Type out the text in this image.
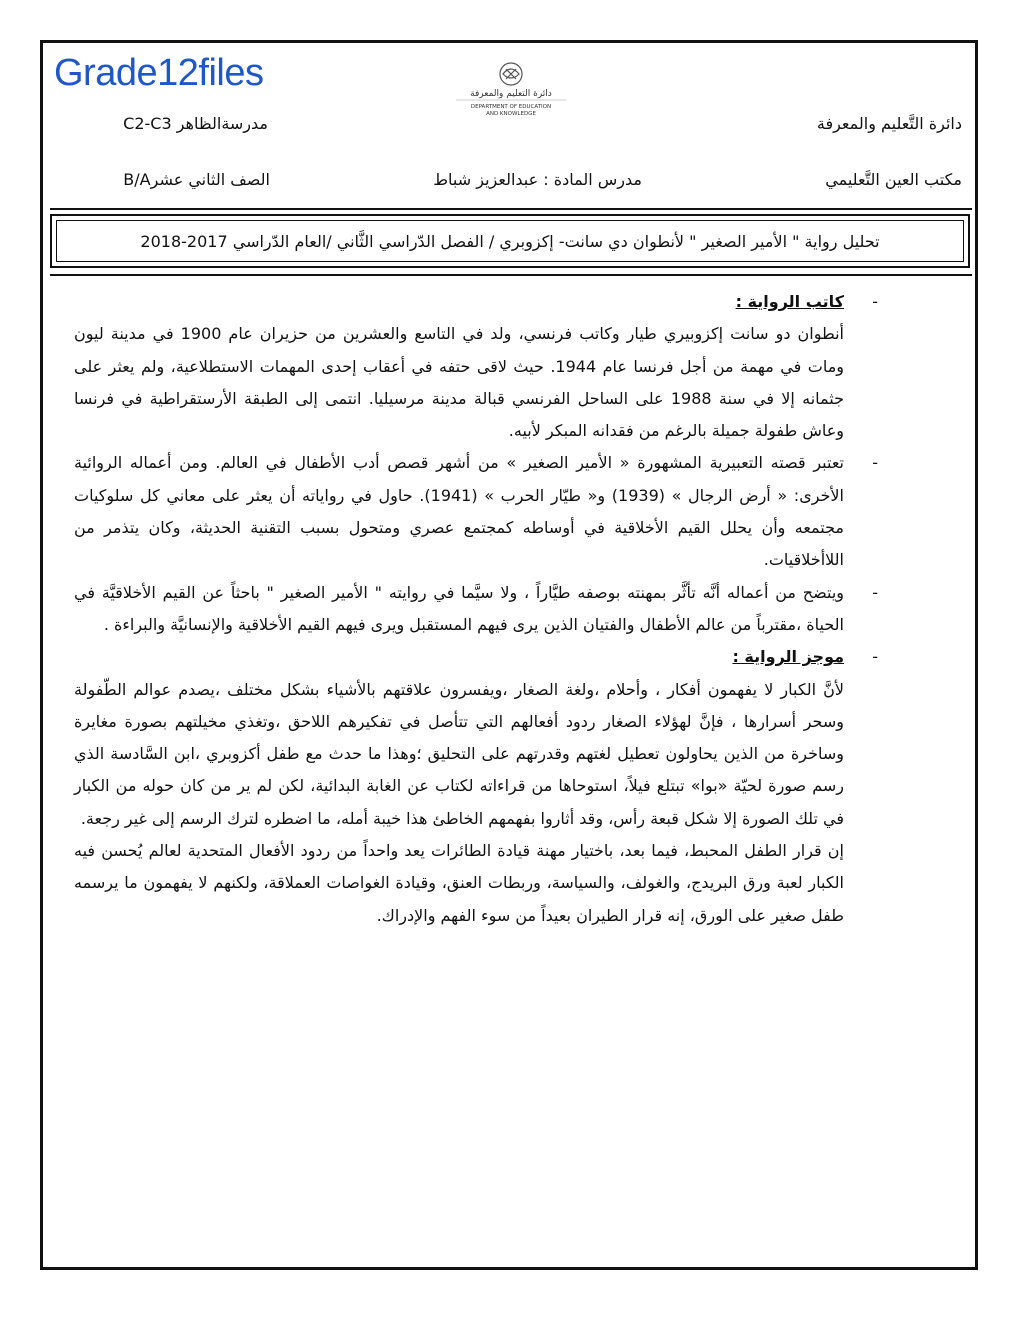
Grade12files	دائرة التعليم والمعرفة
DEPARTMENT OF EDUCATION
AND KNOWLEDGE	دائرة التَّعليم والمعرفة
مدرسةالظاهر C2-C3
مكتب العين التَّعليمي
مدرس المادة : عبدالعزيز شباط
الصف الثاني عشرB/A
تحليل رواية " الأمير الصغير " لأنطوان دي سانت- إكزوبري / الفصل الدّراسي الثَّاني /العام الدّراسي 2017-2018
-
كاتب الرواية :

أنطوان دو سانت إكزوبيري طيار وكاتب فرنسي، ولد في التاسع والعشرين من حزيران عام 1900 في مدينة ليون ومات في مهمة من أجل فرنسا عام 1944. حيث لاقى حتفه في أعقاب إحدى المهمات الاستطلاعية، ولم يعثر على جثمانه إلا في سنة 1988 على الساحل الفرنسي قبالة مدينة مرسيليا. انتمى إلى الطبقة الأرستقراطية في فرنسا وعاش طفولة جميلة بالرغم من فقدانه المبكر لأبيه.

-

تعتبر قصته التعبيرية المشهورة « الأمير الصغير » من أشهر قصص أدب الأطفال في العالم. ومن أعماله الروائية الأخرى: « أرض الرجال » (1939) و« طيّار الحرب » (1941). حاول في رواياته أن يعثر على معاني كل سلوكيات مجتمعه وأن يحلل القيم الأخلاقية في أوساطه كمجتمع عصري ومتحول بسبب التقنية الحديثة، وكان يتذمر من اللاأخلاقيات.

-

ويتضح من أعماله أنَّه تأثَّر بمهنته بوصفه طيَّاراً ، ولا سيَّما في روايته " الأمير الصغير " باحثاً عن القيم الأخلاقيَّة في الحياة ،مقترباً من عالم الأطفال والفتيان الذين يرى فيهم المستقبل ويرى فيهم القيم الأخلاقية والإنسانيَّة والبراءة .

-
موجز الرواية :

لأنَّ الكبار لا يفهمون أفكار ، وأحلام ،ولغة الصغار ،ويفسرون علاقتهم بالأشياء بشكل مختلف ،يصدم عوالم الطّفولة وسحر أسرارها ، فإنَّ لهؤلاء الصغار ردود أفعالهم التي تتأصل في تفكيرهم اللاحق ،وتغذي مخيلتهم بصورة مغايرة وساخرة من الذين يحاولون تعطيل لغتهم وقدرتهم على التحليق ؛وهذا ما حدث مع طفل أكزوبري ،ابن السَّادسة الذي رسم صورة لحيّة «بوا» تبتلع فيلاً، استوحاها من قراءاته لكتاب عن الغابة البدائية، لكن لم ير من كان حوله من الكبار في تلك الصورة إلا شكل قبعة رأس، وقد أثاروا بفهمهم الخاطئ هذا خيبة أمله، ما اضطره لترك الرسم إلى غير رجعة.

إن قرار الطفل المحبط، فيما بعد، باختيار مهنة قيادة الطائرات يعد واحداً من ردود الأفعال المتحدية لعالم يُحسن فيه الكبار لعبة ورق البريدج، والغولف، والسياسة، وربطات العنق، وقيادة الغواصات العملاقة، ولكنهم لا يفهمون ما يرسمه طفل صغير على الورق، إنه قرار الطيران بعيداً من سوء الفهم والإدراك.
